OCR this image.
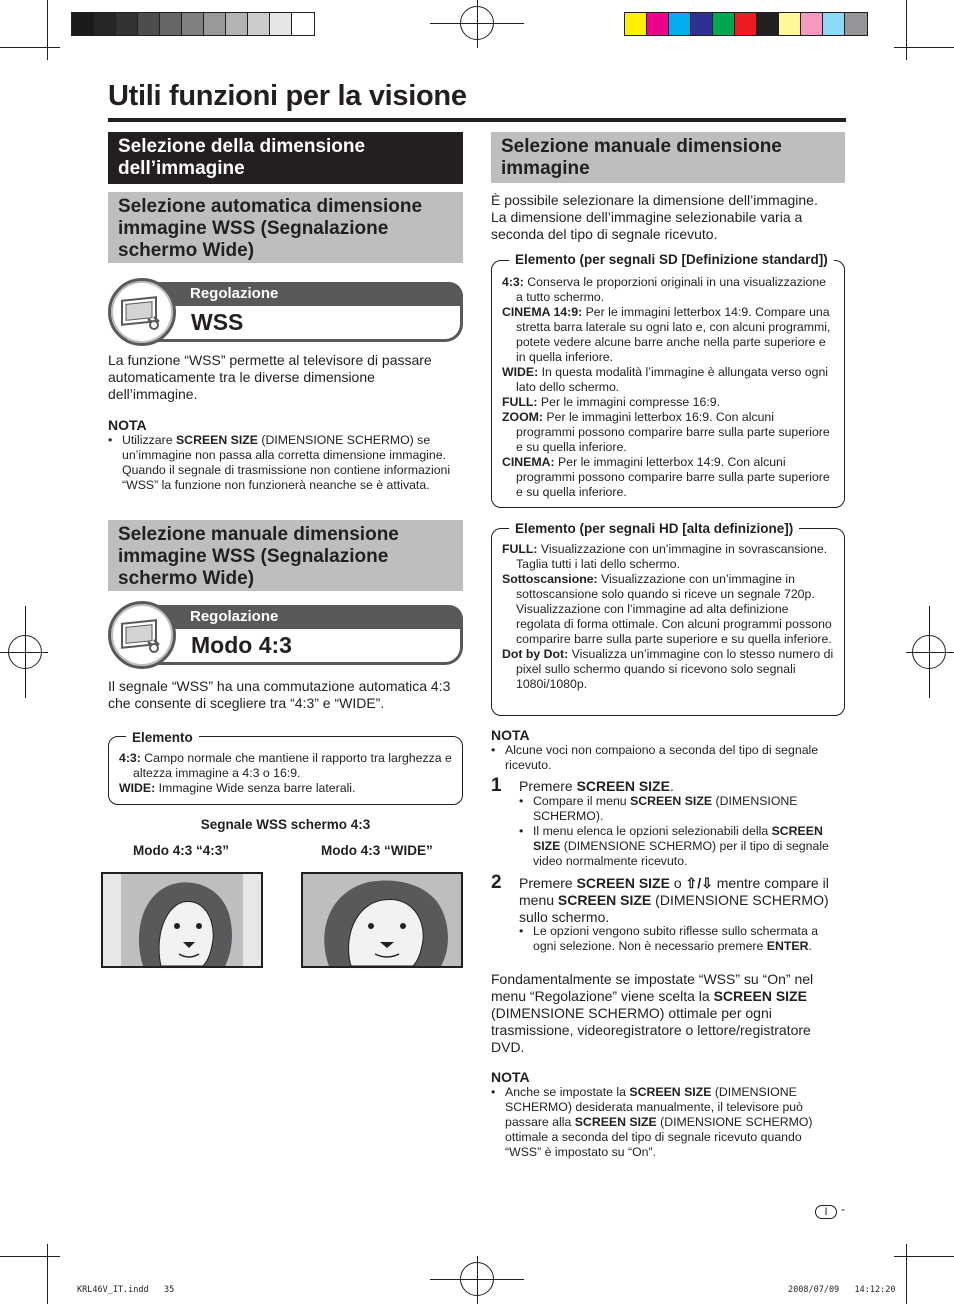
Utili funzioni per la visione
Selezione della dimensione dell’immagine
Selezione automatica dimensione immagine WSS (Segnalazione schermo Wide)
Regolazione
WSS
La funzione “WSS” permette al televisore di passare automaticamente tra le diverse dimensione dell’immagine.
NOTA
• Utilizzare SCREEN SIZE (DIMENSIONE SCHERMO) se un’immagine non passa alla corretta dimensione immagine. Quando il segnale di trasmissione non contiene informazioni “WSS” la funzione non funzionerà neanche se è attivata.
Selezione manuale dimensione immagine WSS (Segnalazione schermo Wide)
Regolazione
Modo 4:3
Il segnale “WSS” ha una commutazione automatica 4:3 che consente di scegliere tra “4:3” e “WIDE”.
4:3: Campo normale che mantiene il rapporto tra larghezza e altezza immagine a 4:3 o 16:9.
WIDE: Immagine Wide senza barre laterali.
Elemento
Segnale WSS schermo 4:3
Modo 4:3 “4:3”	Modo 4:3 “WIDE”
Selezione manuale dimensione immagine
È possibile selezionare la dimensione dell’immagine. La dimensione dell’immagine selezionabile varia a seconda del tipo di segnale ricevuto.
4:3: Conserva le proporzioni originali in una visualizzazione a tutto schermo.
CINEMA 14:9: Per le immagini letterbox 14:9. Compare una stretta barra laterale su ogni lato e, con alcuni programmi, potete vedere alcune barre anche nella parte superiore e in quella inferiore.
WIDE: In questa modalità l’immagine è allungata verso ogni lato dello schermo.
FULL: Per le immagini compresse 16:9.
ZOOM: Per le immagini letterbox 16:9. Con alcuni programmi possono comparire barre sulla parte superiore e su quella inferiore.
CINEMA: Per le immagini letterbox 14:9. Con alcuni programmi possono comparire barre sulla parte superiore e su quella inferiore.
Elemento (per segnali SD [Definizione standard])
FULL: Visualizzazione con un’immagine in sovrascansione. Taglia tutti i lati dello schermo.
Sottoscansione: Visualizzazione con un’immagine in sottoscansione solo quando si riceve un segnale 720p. Visualizzazione con l’immagine ad alta definizione regolata di forma ottimale. Con alcuni programmi possono comparire barre sulla parte superiore e su quella inferiore.
Dot by Dot: Visualizza un’immagine con lo stesso numero di pixel sullo schermo quando si ricevono solo segnali 1080i/1080p.
Elemento (per segnali HD [alta definizione])
NOTA
• Alcune voci non compaiono a seconda del tipo di segnale ricevuto.
1 Premere SCREEN SIZE.
• Compare il menu SCREEN SIZE (DIMENSIONE SCHERMO).
• Il menu elenca le opzioni selezionabili della SCREEN SIZE (DIMENSIONE SCHERMO) per il tipo di segnale video normalmente ricevuto.
2 Premere SCREEN SIZE o ⇧/⇩ mentre compare il menu SCREEN SIZE (DIMENSIONE SCHERMO) sullo schermo.
• Le opzioni vengono subito riflesse sullo schermata a ogni selezione. Non è necessario premere ENTER.
Fondamentalmente se impostate “WSS” su “On” nel menu “Regolazione” viene scelta la SCREEN SIZE (DIMENSIONE SCHERMO) ottimale per ogni trasmissione, videoregistratore o lettore/registratore DVD.
NOTA
• Anche se impostate la SCREEN SIZE (DIMENSIONE SCHERMO) desiderata manualmente, il televisore può passare alla SCREEN SIZE (DIMENSIONE SCHERMO) ottimale a seconda del tipo di segnale ricevuto quando “WSS” è impostato su “On”.
I	-
KRL46V_IT.indd   35	2008/07/09   14:12:20
